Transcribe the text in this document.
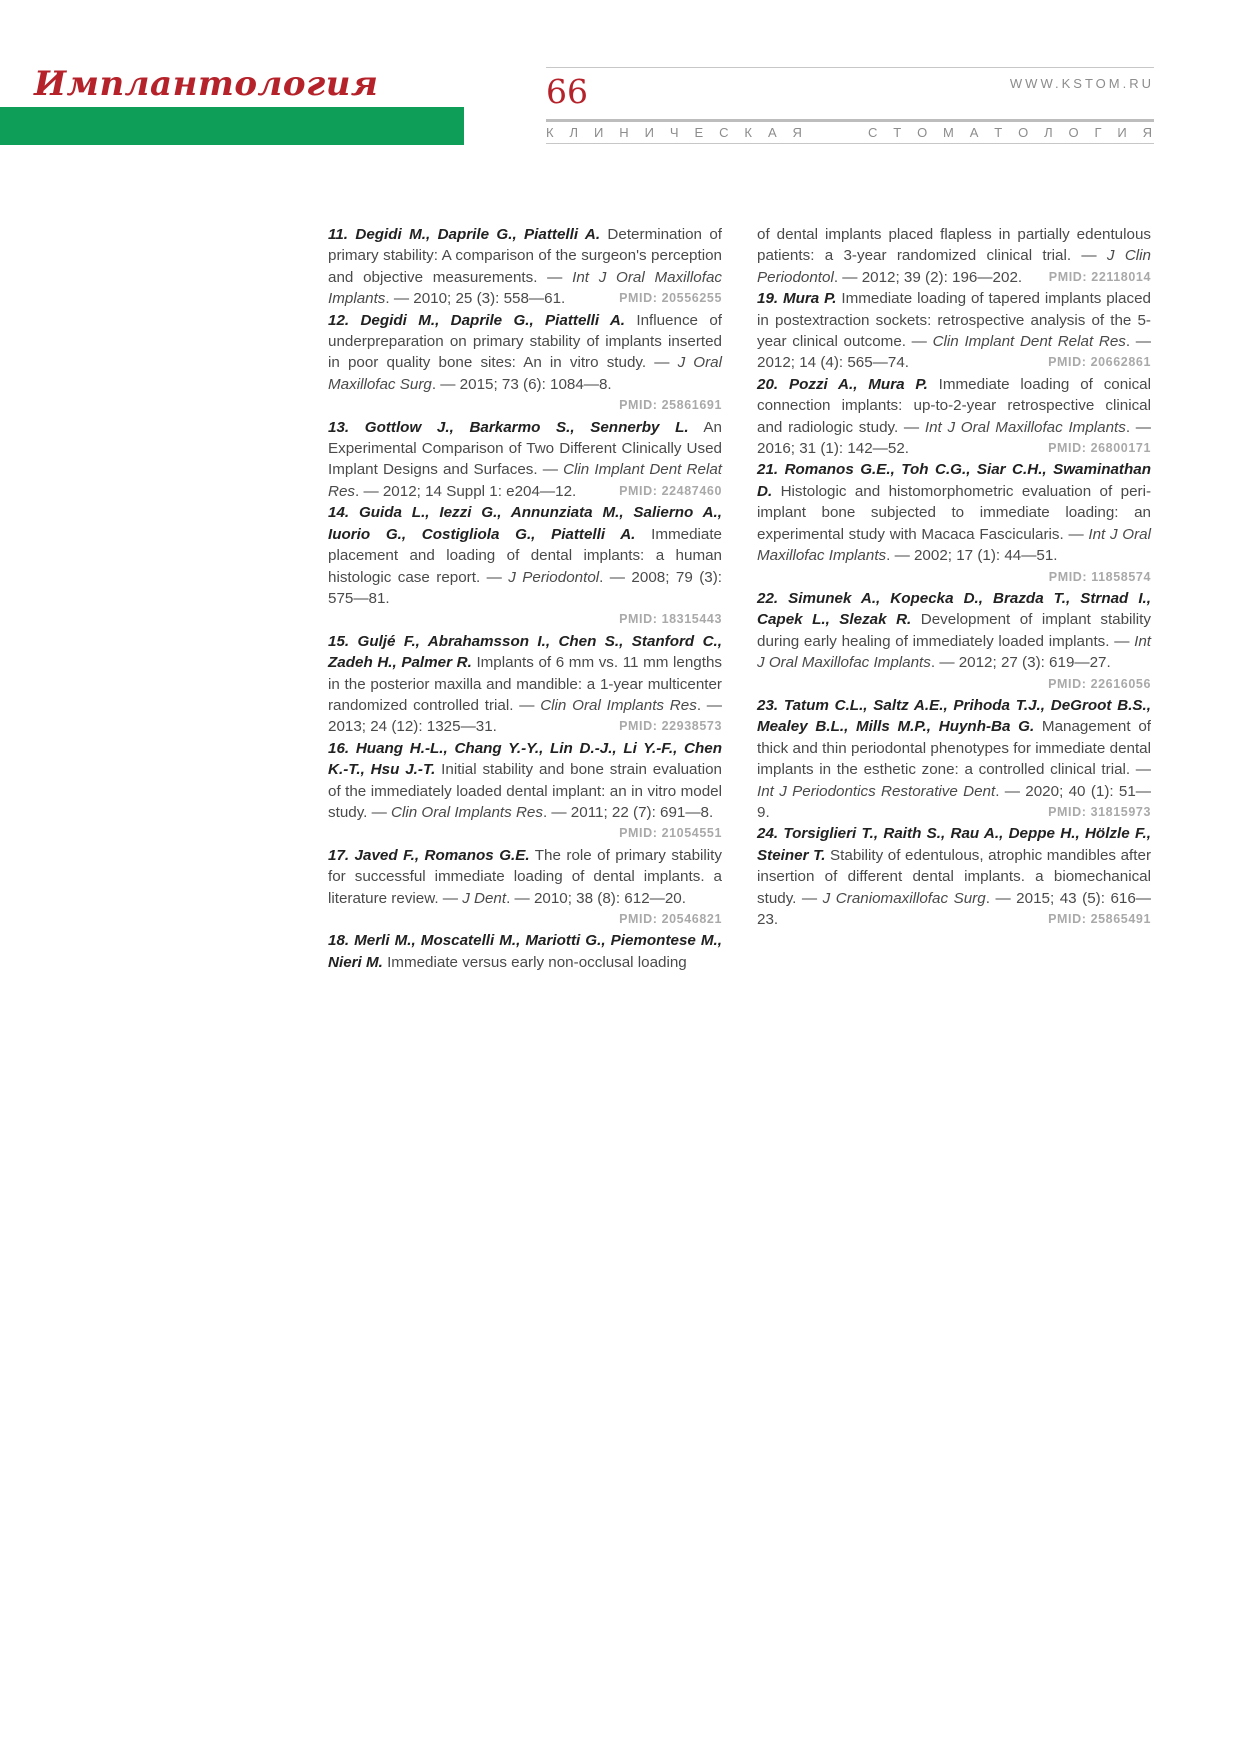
Имплантология	66	WWW.KSTOM.RU
К Л И Н И Ч Е С К А Я	С Т О М А Т О Л О Г И Я

11. Degidi M., Daprile G., Piattelli A. Determination of primary stability: A comparison of the surgeon's perception and objective measurements. — Int J Oral Maxillofac Implants. — 2010; 25 (3): 558—61.	PMID: 20556255

12. Degidi M., Daprile G., Piattelli A. Influence of underpreparation on primary stability of implants inserted in poor quality bone sites: An in vitro study. — J Oral Maxillofac Surg. — 2015; 73 (6): 1084—8.
PMID: 25861691

13. Gottlow J., Barkarmo S., Sennerby L. An Experimental Comparison of Two Different Clinically Used Implant Designs and Surfaces. — Clin Implant Dent Relat Res. — 2012; 14 Suppl 1: e204—12.	PMID: 22487460

14. Guida L., Iezzi G., Annunziata M., Salierno A., Iuorio G., Costigliola G., Piattelli A. Immediate placement and loading of dental implants: a human histologic case report. — J Periodontol. — 2008; 79 (3): 575—81.
PMID: 18315443

15. Guljé F., Abrahamsson I., Chen S., Stanford C., Zadeh H., Palmer R. Implants of 6 mm vs. 11 mm lengths in the posterior maxilla and mandible: a 1-year multicenter randomized controlled trial. — Clin Oral Implants Res. — 2013; 24 (12): 1325—31.	PMID: 22938573

16. Huang H.-L., Chang Y.-Y., Lin D.-J., Li Y.-F., Chen K.-T., Hsu J.-T. Initial stability and bone strain evaluation of the immediately loaded dental implant: an in vitro model study. — Clin Oral Implants Res. — 2011; 22 (7): 691—8.
PMID: 21054551

17. Javed F., Romanos G.E. The role of primary stability for successful immediate loading of dental implants. a literature review. — J Dent. — 2010; 38 (8): 612—20.
PMID: 20546821

18. Merli M., Moscatelli M., Mariotti G., Piemontese M., Nieri M. Immediate versus early non-occlusal loading

of dental implants placed flapless in partially edentulous patients: a 3-year randomized clinical trial. — J Clin Periodontol. — 2012; 39 (2): 196—202. PMID: 22118014

19. Mura P. Immediate loading of tapered implants placed in postextraction sockets: retrospective analysis of the 5-year clinical outcome. — Clin Implant Dent Relat Res. — 2012; 14 (4): 565—74.	PMID: 20662861

20. Pozzi A., Mura P. Immediate loading of conical connection implants: up-to-2-year retrospective clinical and radiologic study. — Int J Oral Maxillofac Implants. — 2016; 31 (1): 142—52.	PMID: 26800171

21. Romanos G.E., Toh C.G., Siar C.H., Swaminathan D. Histologic and histomorphometric evaluation of peri-implant bone subjected to immediate loading: an experimental study with Macaca Fascicularis. — Int J Oral Maxillofac Implants. — 2002; 17 (1): 44—51.
PMID: 11858574

22. Simunek A., Kopecka D., Brazda T., Strnad I., Capek L., Slezak R. Development of implant stability during early healing of immediately loaded implants. — Int J Oral Maxillofac Implants. — 2012; 27 (3): 619—27.
PMID: 22616056

23. Tatum C.L., Saltz A.E., Prihoda T.J., DeGroot B.S., Mealey B.L., Mills M.P., Huynh-Ba G. Management of thick and thin periodontal phenotypes for immediate dental implants in the esthetic zone: a controlled clinical trial. — Int J Periodontics Restorative Dent. — 2020; 40 (1): 51—9.	PMID: 31815973

24. Torsiglieri T., Raith S., Rau A., Deppe H., Hölzle F., Steiner T. Stability of edentulous, atrophic mandibles after insertion of different dental implants. a biomechanical study. — J Craniomaxillofac Surg. — 2015; 43 (5): 616—23.	PMID: 25865491
